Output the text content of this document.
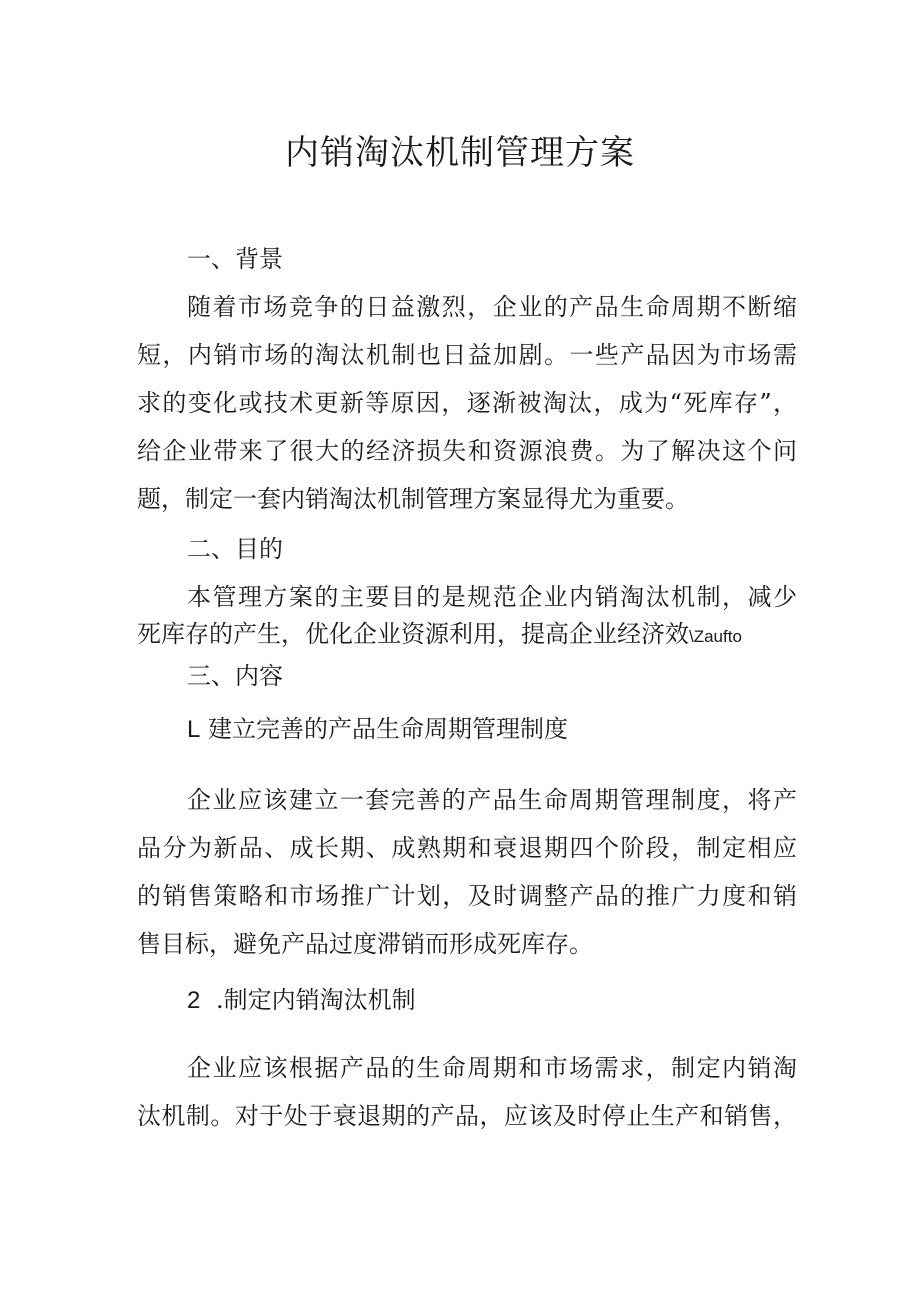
内销淘汰机制管理方案
一、背景
随着市场竞争的日益激烈，企业的产品生命周期不断缩
短，内销市场的淘汰机制也日益加剧。一些产品因为市场需
求的变化或技术更新等原因，逐渐被淘汰，成为“死库存”，
给企业带来了很大的经济损失和资源浪费。为了解决这个问
题，制定一套内销淘汰机制管理方案显得尤为重要。
二、目的
本管理方案的主要目的是规范企业内销淘汰机制，减少
死库存的产生，优化企业资源利用，提高企业经济效\Zaufto
三、内容
L 建立完善的产品生命周期管理制度
企业应该建立一套完善的产品生命周期管理制度，将产
品分为新品、成长期、成熟期和衰退期四个阶段，制定相应
的销售策略和市场推广计划，及时调整产品的推广力度和销
售目标，避免产品过度滞销而形成死库存。
2 .制定内销淘汰机制
企业应该根据产品的生命周期和市场需求，制定内销淘
汰机制。对于处于衰退期的产品，应该及时停止生产和销售，
